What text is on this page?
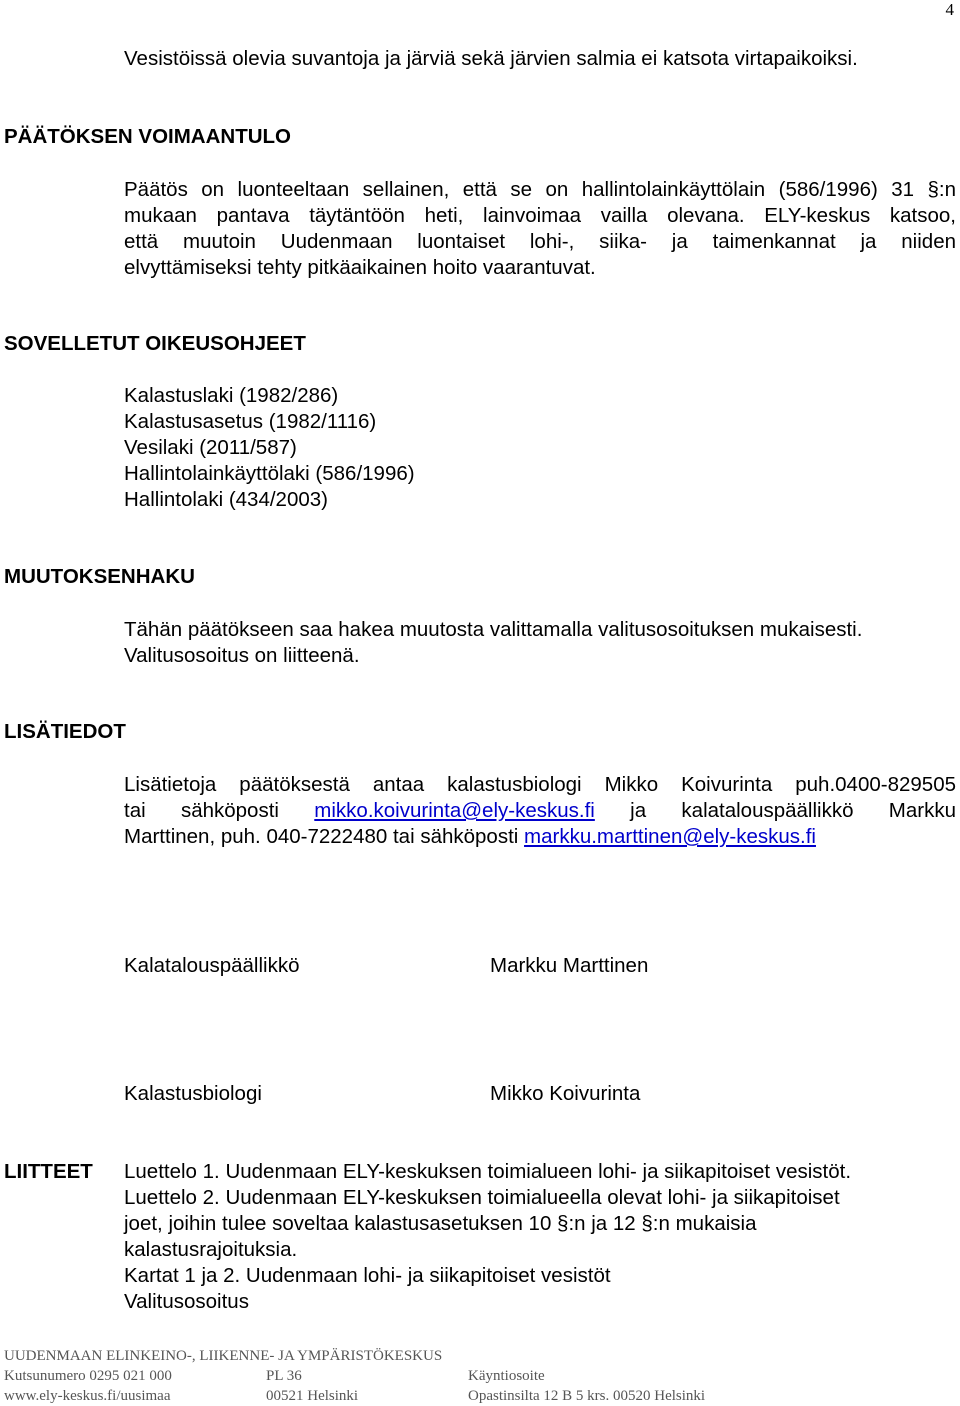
4
Vesistöissä olevia suvantoja ja järviä sekä järvien salmia ei katsota virtapaikoiksi.
PÄÄTÖKSEN VOIMAANTULO
Päätös on luonteeltaan sellainen, että se on hallintolainkäyttölain (586/1996) 31 §:n
mukaan pantava täytäntöön heti, lainvoimaa vailla olevana. ELY-keskus katsoo,
että muutoin Uudenmaan luontaiset lohi-, siika- ja taimenkannat ja niiden
elvyttämiseksi tehty pitkäaikainen hoito vaarantuvat.
SOVELLETUT OIKEUSOHJEET
Kalastuslaki (1982/286)
Kalastusasetus (1982/1116)
Vesilaki (2011/587)
Hallintolainkäyttölaki (586/1996)
Hallintolaki (434/2003)
MUUTOKSENHAKU
Tähän päätökseen saa hakea muutosta valittamalla valitusosoituksen mukaisesti.
Valitusosoitus on liitteenä.
LISÄTIEDOT
Lisätietoja päätöksestä antaa kalastusbiologi Mikko Koivurinta puh.0400-829505
tai sähköposti mikko.koivurinta@ely-keskus.fi ja kalatalouspäällikkö Markku
Marttinen, puh. 040-7222480 tai sähköposti markku.marttinen@ely-keskus.fi
Kalatalouspäällikkö	Markku Marttinen
Kalastusbiologi	Mikko Koivurinta
LIITTEET Luettelo 1. Uudenmaan ELY-keskuksen toimialueen lohi- ja siikapitoiset vesistöt.
Luettelo 2. Uudenmaan ELY-keskuksen toimialueella olevat lohi- ja siikapitoiset
joet, joihin tulee soveltaa kalastusasetuksen 10 §:n ja 12 §:n mukaisia
kalastusrajoituksia.
Kartat 1 ja 2. Uudenmaan lohi- ja siikapitoiset vesistöt
Valitusosoitus
UUDENMAAN ELINKEINO-, LIIKENNE- JA YMPÄRISTÖKESKUS
Kutsunumero 0295 021 000
www.ely-keskus.fi/uusimaa
PL 36
00521 Helsinki
Käyntiosoite
Opastinsilta 12 B 5 krs. 00520 Helsinki
